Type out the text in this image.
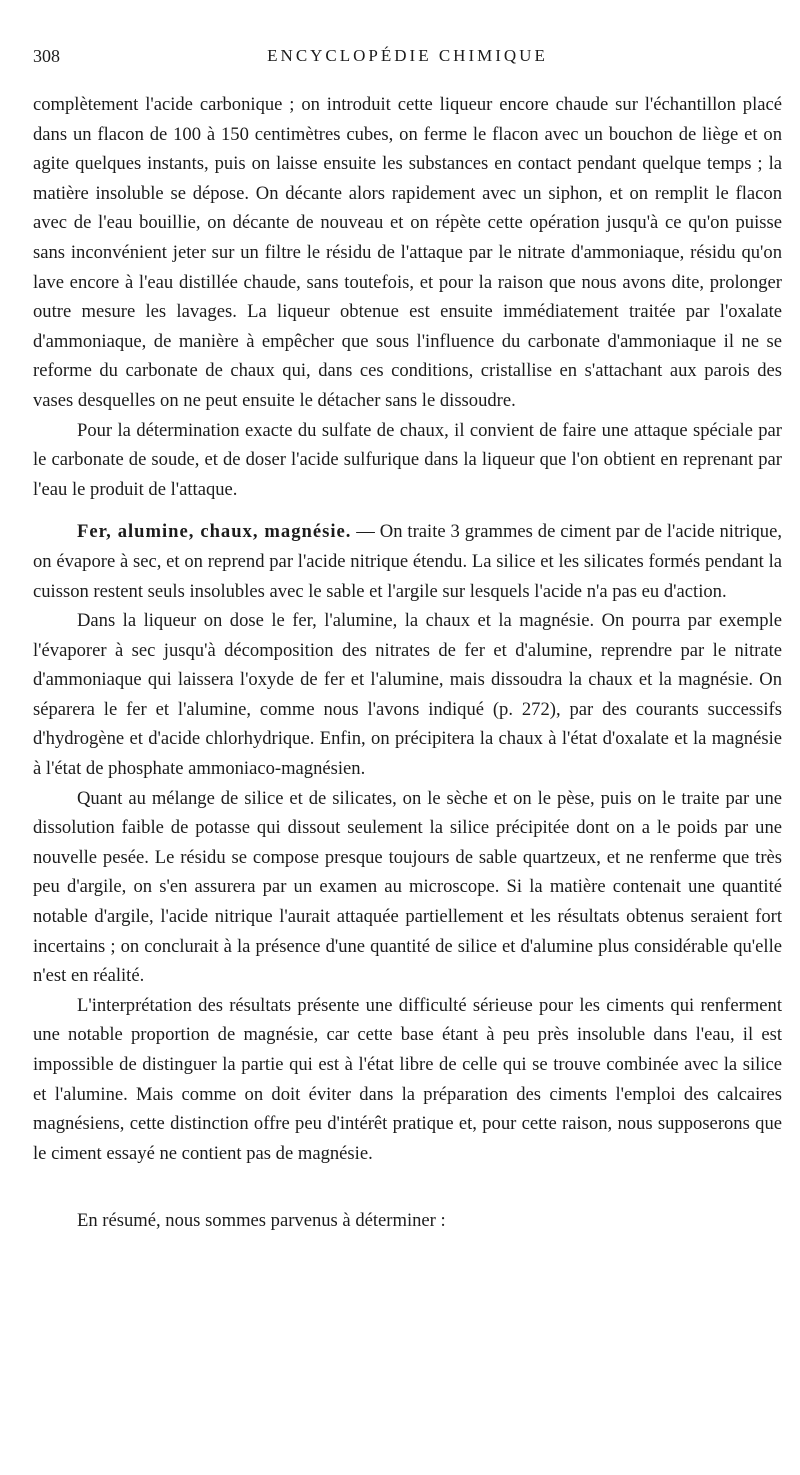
308	ENCYCLOPÉDIE CHIMIQUE

complètement l'acide carbonique ; on introduit cette liqueur encore chaude sur l'échantillon placé dans un flacon de 100 à 150 centimètres cubes, on ferme le flacon avec un bouchon de liège et on agite quelques instants, puis on laisse ensuite les substances en contact pendant quelque temps ; la matière insoluble se dépose. On décante alors rapidement avec un siphon, et on remplit le flacon avec de l'eau bouillie, on décante de nouveau et on répète cette opération jusqu'à ce qu'on puisse sans inconvénient jeter sur un filtre le résidu de l'attaque par le nitrate d'ammoniaque, résidu qu'on lave encore à l'eau distillée chaude, sans toutefois, et pour la raison que nous avons dite, prolonger outre mesure les lavages. La liqueur obtenue est ensuite immédiatement traitée par l'oxalate d'ammoniaque, de manière à empêcher que sous l'influence du carbonate d'ammoniaque il ne se reforme du carbonate de chaux qui, dans ces conditions, cristallise en s'attachant aux parois des vases desquelles on ne peut ensuite le détacher sans le dissoudre.

Pour la détermination exacte du sulfate de chaux, il convient de faire une attaque spéciale par le carbonate de soude, et de doser l'acide sulfurique dans la liqueur que l'on obtient en reprenant par l'eau le produit de l'attaque.

Fer, alumine, chaux, magnésie. — On traite 3 grammes de ciment par de l'acide nitrique, on évapore à sec, et on reprend par l'acide nitrique étendu. La silice et les silicates formés pendant la cuisson restent seuls insolubles avec le sable et l'argile sur lesquels l'acide n'a pas eu d'action.

Dans la liqueur on dose le fer, l'alumine, la chaux et la magnésie. On pourra par exemple l'évaporer à sec jusqu'à décomposition des nitrates de fer et d'alumine, reprendre par le nitrate d'ammoniaque qui laissera l'oxyde de fer et l'alumine, mais dissoudra la chaux et la magnésie. On séparera le fer et l'alumine, comme nous l'avons indiqué (p. 272), par des courants successifs d'hydrogène et d'acide chlorhydrique. Enfin, on précipitera la chaux à l'état d'oxalate et la magnésie à l'état de phosphate ammoniaco-magnésien.

Quant au mélange de silice et de silicates, on le sèche et on le pèse, puis on le traite par une dissolution faible de potasse qui dissout seulement la silice précipitée dont on a le poids par une nouvelle pesée. Le résidu se compose presque toujours de sable quartzeux, et ne renferme que très peu d'argile, on s'en assurera par un examen au microscope. Si la matière contenait une quantité notable d'argile, l'acide nitrique l'aurait attaquée partiellement et les résultats obtenus seraient fort incertains ; on conclurait à la présence d'une quantité de silice et d'alumine plus considérable qu'elle n'est en réalité.

L'interprétation des résultats présente une difficulté sérieuse pour les ciments qui renferment une notable proportion de magnésie, car cette base étant à peu près insoluble dans l'eau, il est impossible de distinguer la partie qui est à l'état libre de celle qui se trouve combinée avec la silice et l'alumine. Mais comme on doit éviter dans la préparation des ciments l'emploi des calcaires magnésiens, cette distinction offre peu d'intérêt pratique et, pour cette raison, nous supposerons que le ciment essayé ne contient pas de magnésie.

En résumé, nous sommes parvenus à déterminer :
